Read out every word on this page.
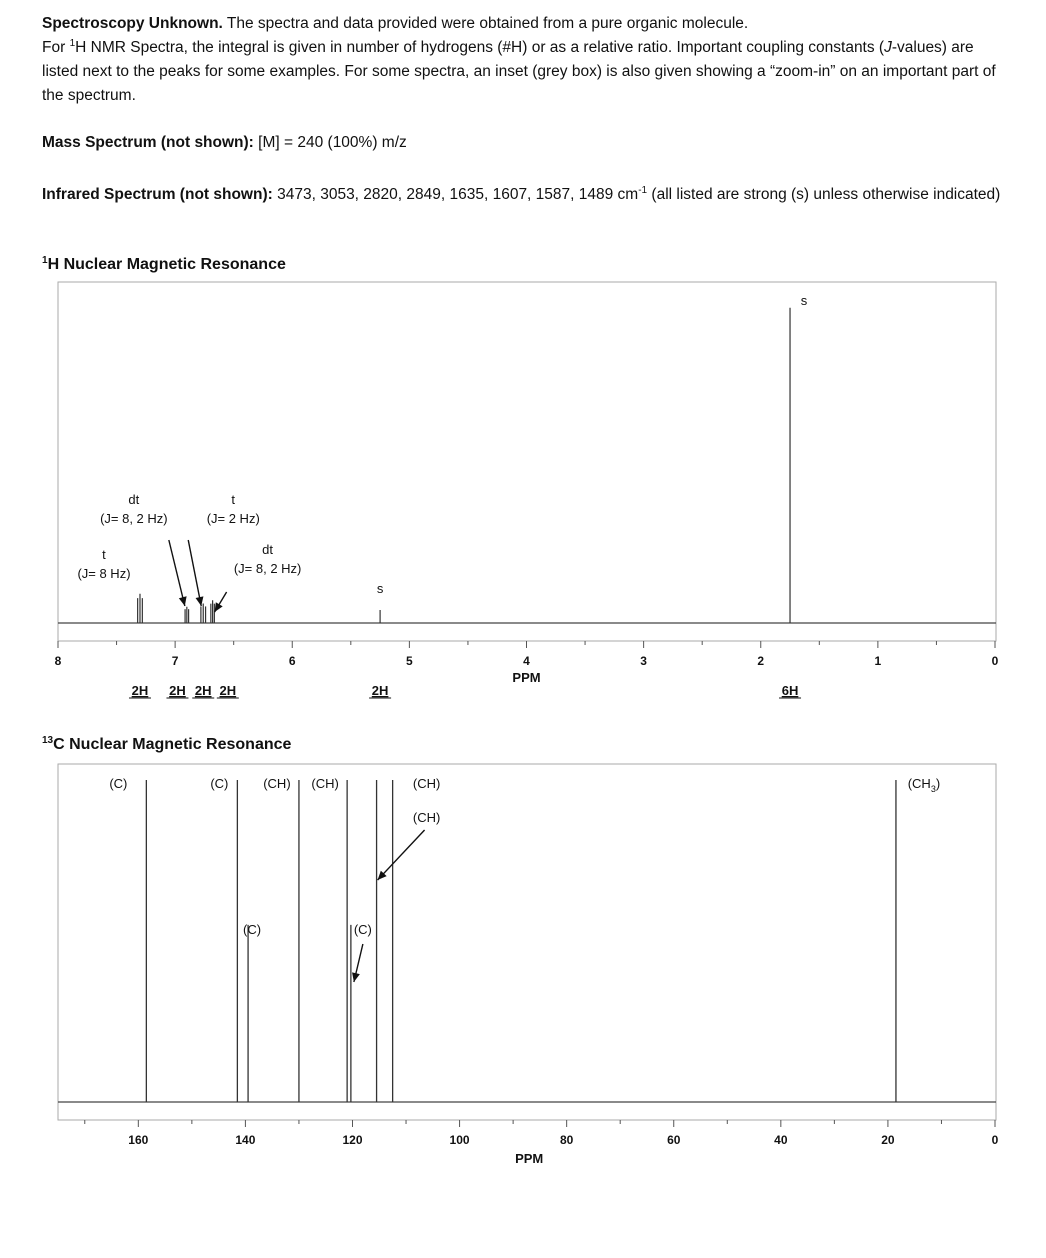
Spectroscopy Unknown. The spectra and data provided were obtained from a pure organic molecule.

For $^1$H NMR Spectra, the integral is given in number of hydrogens (#H) or as a relative ratio. Important coupling constants (J-values) are listed next to the peaks for some examples. For some spectra, an inset (grey box) is also given showing a “zoom-in” on an important part of the spectrum.

Mass Spectrum (not shown): [M] = 240 (100%) m/z
Infrared Spectrum (not shown): 3473, 3053, 2820, 2849, 1635, 1607, 1587, 1489 $cm^{-1}$ (all listed are strong (s) unless otherwise indicated)
$^1$H Nuclear Magnetic Resonance
$^{13}$C Nuclear Magnetic Resonance
8	7	6	5	4	3	2	1	0
PPM
t
(J= 8 Hz)
dt
(J= 8, 2 Hz)
t
(J= 2 Hz)
dt
(J= 8, 2 Hz)
s
s
2H 2H 2H 2H	2H	6H
160	140	120	100	80	60	40	20	0
PPM
(C)	(C)
(C)
(CH) (CH)
(C)
(CH)
(CH)	$(CH_3)$
